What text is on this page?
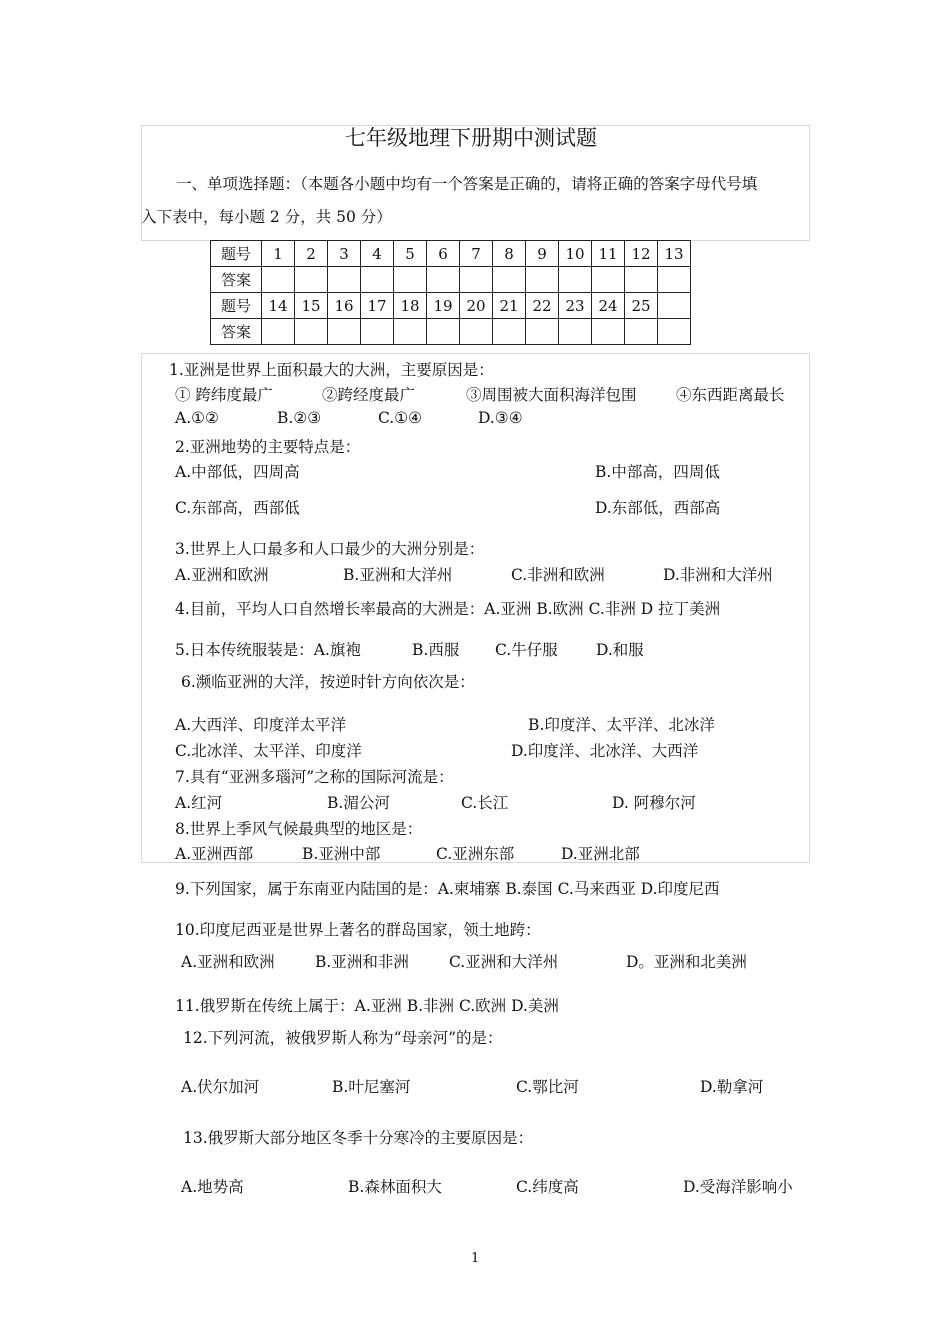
七年级地理下册期中测试题
一、单项选择题：（本题各小题中均有一个答案是正确的，请将正确的答案字母代号填
入下表中，每小题 2 分，共 50 分）
题号	1	2	3	4	5	6	7	8	9	10	11	12	13
答案													
题号	14	15	16	17	18	19	20	21	22	23	24	25	
答案													
1.亚洲是世界上面积最大的大洲，主要原因是：
① 跨纬度最广	②跨经度最广	③周围被大面积海洋包围	④东西距离最长
A.①②	B.②③	C.①④	D.③④
2.亚洲地势的主要特点是：
A.中部低，四周高	B.中部高，四周低
C.东部高，西部低	D.东部低，西部高
3.世界上人口最多和人口最少的大洲分别是：
A.亚洲和欧洲	B.亚洲和大洋州	C.非洲和欧洲	D.非洲和大洋州
4.目前，平均人口自然增长率最高的大洲是：A.亚洲 B.欧洲 C.非洲 D 拉丁美洲
5.日本传统服装是：A.旗袍	B.西服 C.牛仔服 D.和服
6.濒临亚洲的大洋，按逆时针方向依次是：
A.大西洋、印度洋太平洋	B.印度洋、太平洋、北冰洋
C.北冰洋、太平洋、印度洋	D.印度洋、北冰洋、大西洋
7.具有“亚洲多瑙河”之称的国际河流是：
A.红河	B.湄公河	C.长江	D. 阿穆尔河
8.世界上季风气候最典型的地区是：
A.亚洲西部	B.亚洲中部	C.亚洲东部	D.亚洲北部
9.下列国家，属于东南亚内陆国的是：A.柬埔寨 B.泰国 C.马来西亚 D.印度尼西
10.印度尼西亚是世界上著名的群岛国家，领土地跨：
A.亚洲和欧洲	B.亚洲和非洲	C.亚洲和大洋州	D。亚洲和北美洲
11.俄罗斯在传统上属于：A.亚洲 B.非洲 C.欧洲 D.美洲
12.下列河流，被俄罗斯人称为“母亲河”的是：
A.伏尔加河	B.叶尼塞河	C.鄂比河	D.勒拿河
13.俄罗斯大部分地区冬季十分寒冷的主要原因是：
A.地势高	B.森林面积大	C.纬度高	D.受海洋影响小
1
